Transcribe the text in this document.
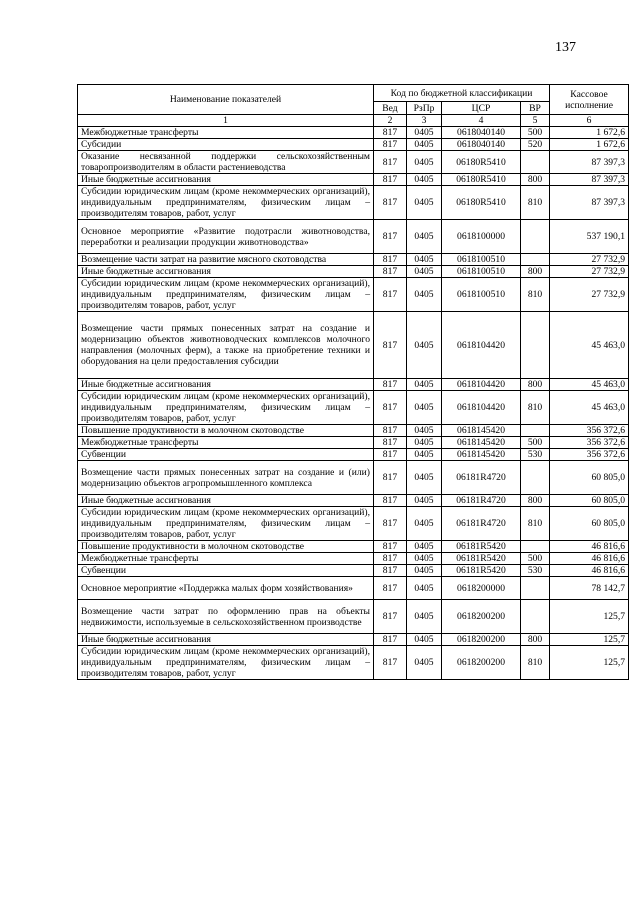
137
Наименование показателей	Код по бюджетной классификации				Кассовое исполнение
	Вед	РзПр	ЦСР	ВР	
1	2	3	4	5	6
Межбюджетные трансферты	817	0405	0618040140	500	1 672,6
Субсидии	817	0405	0618040140	520	1 672,6
Оказание несвязанной поддержки сельскохозяйственным товаропроизводителям в области растениеводства	817	0405	06180R5410		87 397,3
Иные бюджетные ассигнования	817	0405	06180R5410	800	87 397,3
Субсидии юридическим лицам (кроме некоммерческих организаций), индивидуальным предпринимателям, физическим лицам – производителям товаров, работ, услуг	817	0405	06180R5410	810	87 397,3
Основное мероприятие «Развитие подотрасли животноводства, переработки и реализации продукции животноводства»	817	0405	0618100000		537 190,1
Возмещение части затрат на развитие мясного скотоводства	817	0405	0618100510		27 732,9
Иные бюджетные ассигнования	817	0405	0618100510	800	27 732,9
Субсидии юридическим лицам (кроме некоммерческих организаций), индивидуальным предпринимателям, физическим лицам – производителям товаров, работ, услуг	817	0405	0618100510	810	27 732,9
Возмещение части прямых понесенных затрат на создание и модернизацию объектов животноводческих комплексов молочного направления (молочных ферм), а также на приобретение техники и оборудования на цели предоставления субсидии	817	0405	0618104420		45 463,0
Иные бюджетные ассигнования	817	0405	0618104420	800	45 463,0
Субсидии юридическим лицам (кроме некоммерческих организаций), индивидуальным предпринимателям, физическим лицам – производителям товаров, работ, услуг	817	0405	0618104420	810	45 463,0
Повышение продуктивности в молочном скотоводстве	817	0405	0618145420		356 372,6
Межбюджетные трансферты	817	0405	0618145420	500	356 372,6
Субвенции	817	0405	0618145420	530	356 372,6
Возмещение части прямых понесенных затрат на создание и (или) модернизацию объектов агропромышленного комплекса	817	0405	06181R4720		60 805,0
Иные бюджетные ассигнования	817	0405	06181R4720	800	60 805,0
Субсидии юридическим лицам (кроме некоммерческих организаций), индивидуальным предпринимателям, физическим лицам – производителям товаров, работ, услуг	817	0405	06181R4720	810	60 805,0
Повышение продуктивности в молочном скотоводстве	817	0405	06181R5420		46 816,6
Межбюджетные трансферты	817	0405	06181R5420	500	46 816,6
Субвенции	817	0405	06181R5420	530	46 816,6
Основное мероприятие «Поддержка малых форм хозяйствования»	817	0405	0618200000		78 142,7
Возмещение части затрат по оформлению прав на объекты недвижимости, используемые в сельскохозяйственном производстве	817	0405	0618200200		125,7
Иные бюджетные ассигнования	817	0405	0618200200	800	125,7
Субсидии юридическим лицам (кроме некоммерческих организаций), индивидуальным предпринимателям, физическим лицам – производителям товаров, работ, услуг	817	0405	0618200200	810	125,7
